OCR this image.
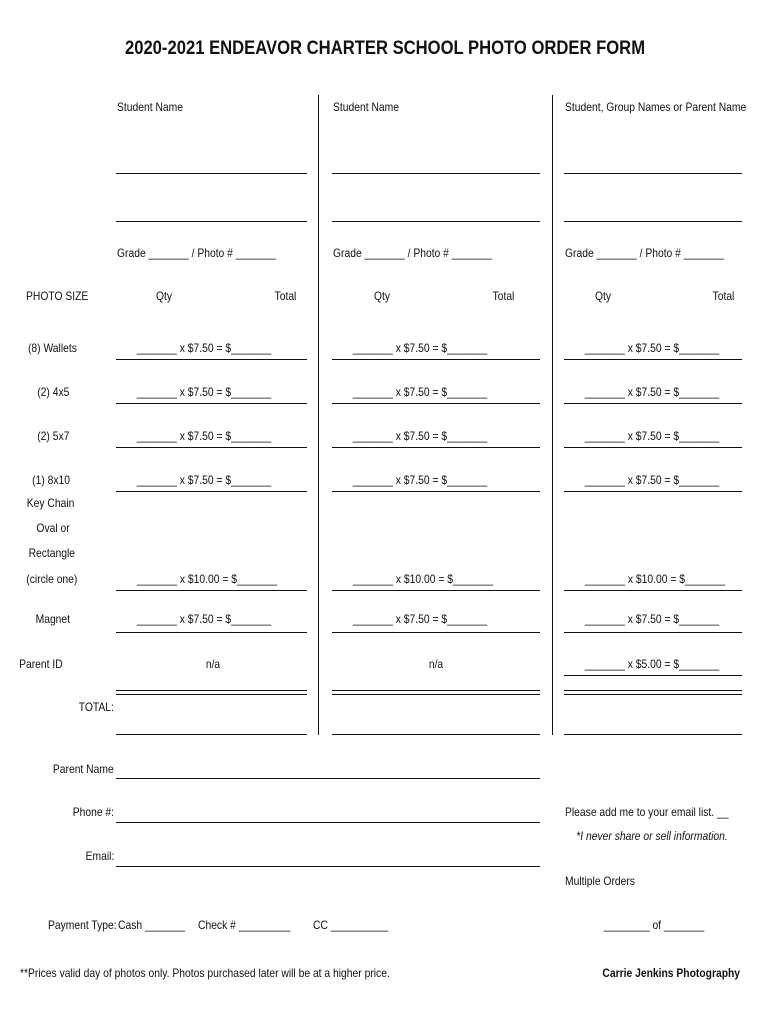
2020-2021 ENDEAVOR CHARTER SCHOOL PHOTO ORDER FORM
Student Name	Student Name	Student, Group Names or Parent Name
Grade _______ / Photo # _______	Grade _______ / Photo # _______	Grade _______ / Photo # _______
PHOTO SIZE	Qty	Total	Qty	Total	Qty	Total
(8) Wallets	_______ x $7.50 = $_______	_______ x $7.50 = $_______	_______ x $7.50 = $_______
(2) 4x5	_______ x $7.50 = $_______	_______ x $7.50 = $_______	_______ x $7.50 = $_______
(2) 5x7	_______ x $7.50 = $_______	_______ x $7.50 = $_______	_______ x $7.50 = $_______
(1) 8x10	_______ x $7.50 = $_______	_______ x $7.50 = $_______	_______ x $7.50 = $_______
Key Chain
Oval or
Rectangle
(circle one)	_______ x $10.00 = $_______	_______ x $10.00 = $_______	_______ x $10.00 = $_______
Magnet	_______ x $7.50 = $_______	_______ x $7.50 = $_______	_______ x $7.50 = $_______
Parent ID	n/a	n/a	_______ x $5.00 = $_______
TOTAL:
Parent Name
Phone #:
Email:
Please add me to your email list. __
*I never share or sell information.
Multiple Orders
________ of _______
Payment Type: Cash _______ Check # _________ CC __________
**Prices valid day of photos only. Photos purchased later will be at a higher price.	Carrie Jenkins Photography
